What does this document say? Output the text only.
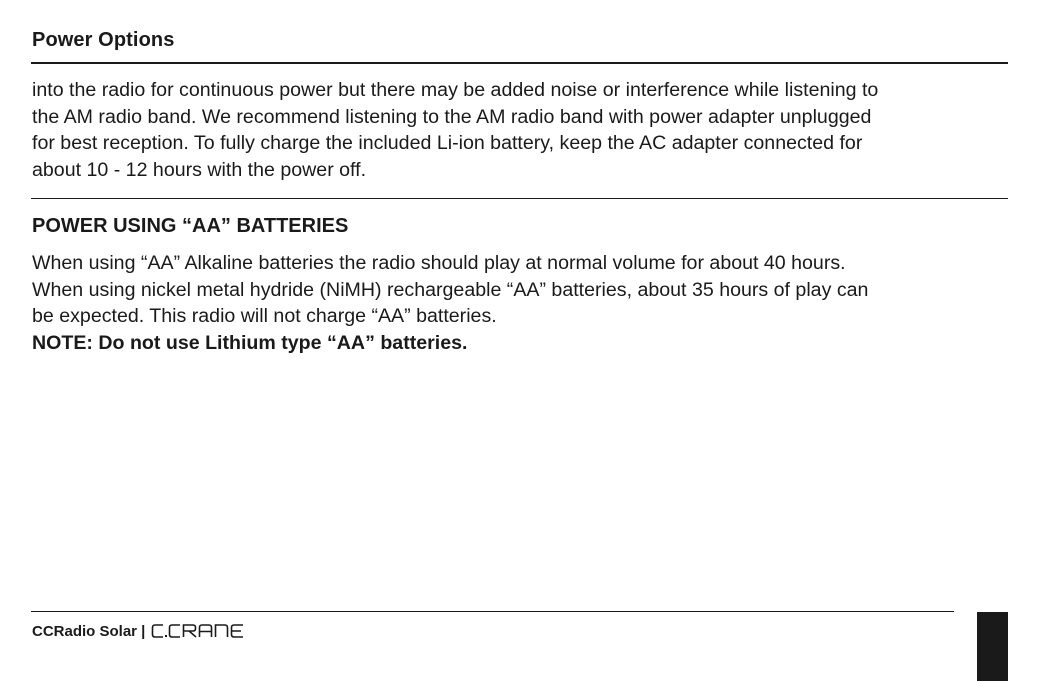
Power Options
into the radio for continuous power but there may be added noise or interference while listening to
the AM radio band. We recommend listening to the AM radio band with power adapter unplugged
for best reception. To fully charge the included Li-ion battery, keep the AC adapter connected for
about 10 - 12 hours with the power off.
POWER USING “AA” BATTERIES
When using “AA” Alkaline batteries the radio should play at normal volume for about 40 hours.
When using nickel metal hydride (NiMH) rechargeable “AA” batteries, about 35 hours of play can
be expected. This radio will not charge “AA” batteries.
NOTE: Do not use Lithium type “AA” batteries.
CCRadio Solar |
